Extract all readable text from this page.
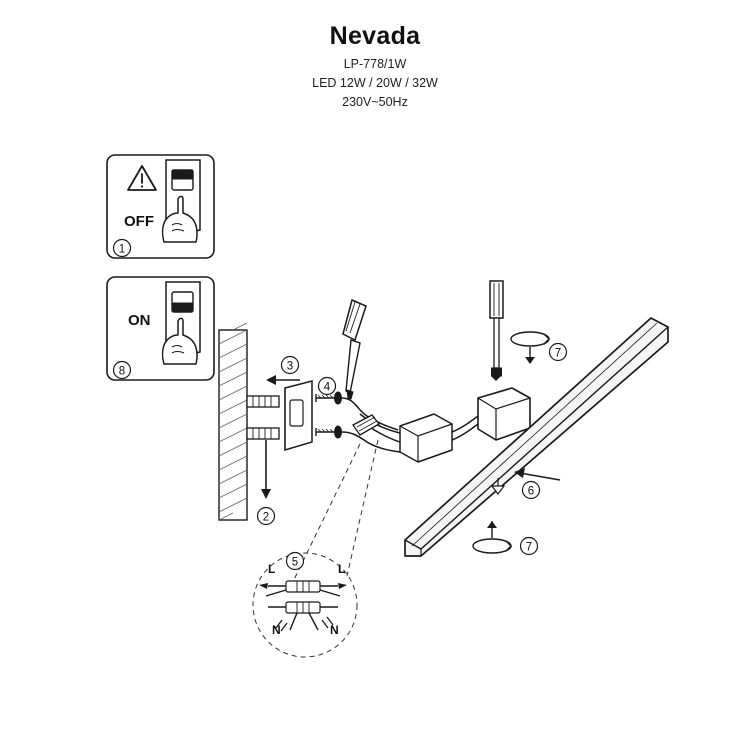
Nevada
LP-778/1W
LED 12W / 20W / 32W
230V~50Hz
OFF
1
ON
8
L	L
N	N
2
3
4
5
6
7
7
